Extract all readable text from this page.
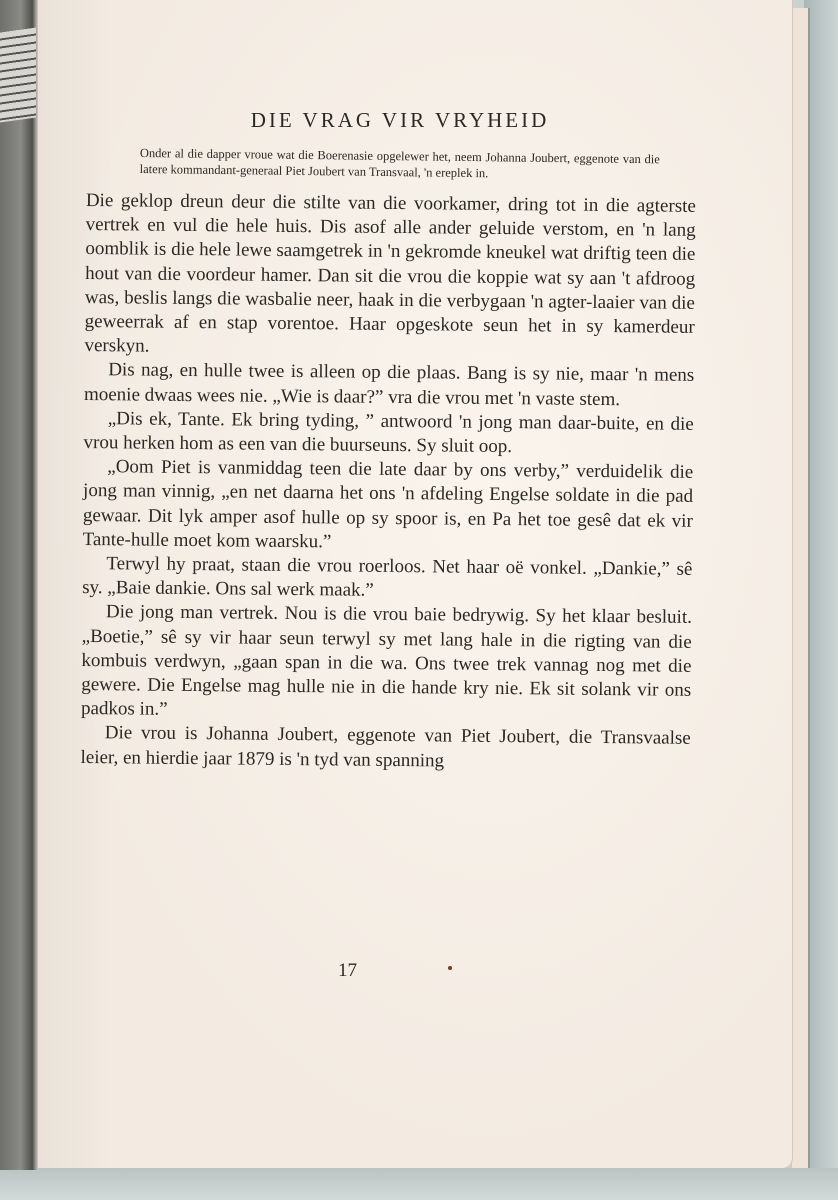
DIE VRAG VIR VRYHEID

Onder al die dapper vroue wat die Boerenasie opgelewer het, neem Johanna Joubert, eggenote van die latere kommandant-generaal Piet Joubert van Transvaal, 'n ereplek in.

Die geklop dreun deur die stilte van die voorkamer, dring tot in die agterste vertrek en vul die hele huis. Dis asof alle ander geluide verstom, en 'n lang oomblik is die hele lewe saamgetrek in 'n gekromde kneukel wat driftig teen die hout van die voordeur hamer. Dan sit die vrou die koppie wat sy aan 't afdroog was, beslis langs die wasbalie neer, haak in die verbygaan 'n agter-laaier van die geweerrak af en stap vorentoe. Haar opgeskote seun het in sy kamerdeur verskyn.

Dis nag, en hulle twee is alleen op die plaas. Bang is sy nie, maar 'n mens moenie dwaas wees nie. „Wie is daar?” vra die vrou met 'n vaste stem.

„Dis ek, Tante. Ek bring tyding, ” antwoord 'n jong man daar-buite, en die vrou herken hom as een van die buurseuns. Sy sluit oop.

„Oom Piet is vanmiddag teen die late daar by ons verby,” verduidelik die jong man vinnig, „en net daarna het ons 'n afdeling Engelse soldate in die pad gewaar. Dit lyk amper asof hulle op sy spoor is, en Pa het toe gesê dat ek vir Tante-hulle moet kom waarsku.”

Terwyl hy praat, staan die vrou roerloos. Net haar oë vonkel. „Dankie,” sê sy. „Baie dankie. Ons sal werk maak.”

Die jong man vertrek. Nou is die vrou baie bedrywig. Sy het klaar besluit. „Boetie,” sê sy vir haar seun terwyl sy met lang hale in die rigting van die kombuis verdwyn, „gaan span in die wa. Ons twee trek vannag nog met die gewere. Die Engelse mag hulle nie in die hande kry nie. Ek sit solank vir ons padkos in.”

Die vrou is Johanna Joubert, eggenote van Piet Joubert, die Transvaalse leier, en hierdie jaar 1879 is 'n tyd van spanning

17
